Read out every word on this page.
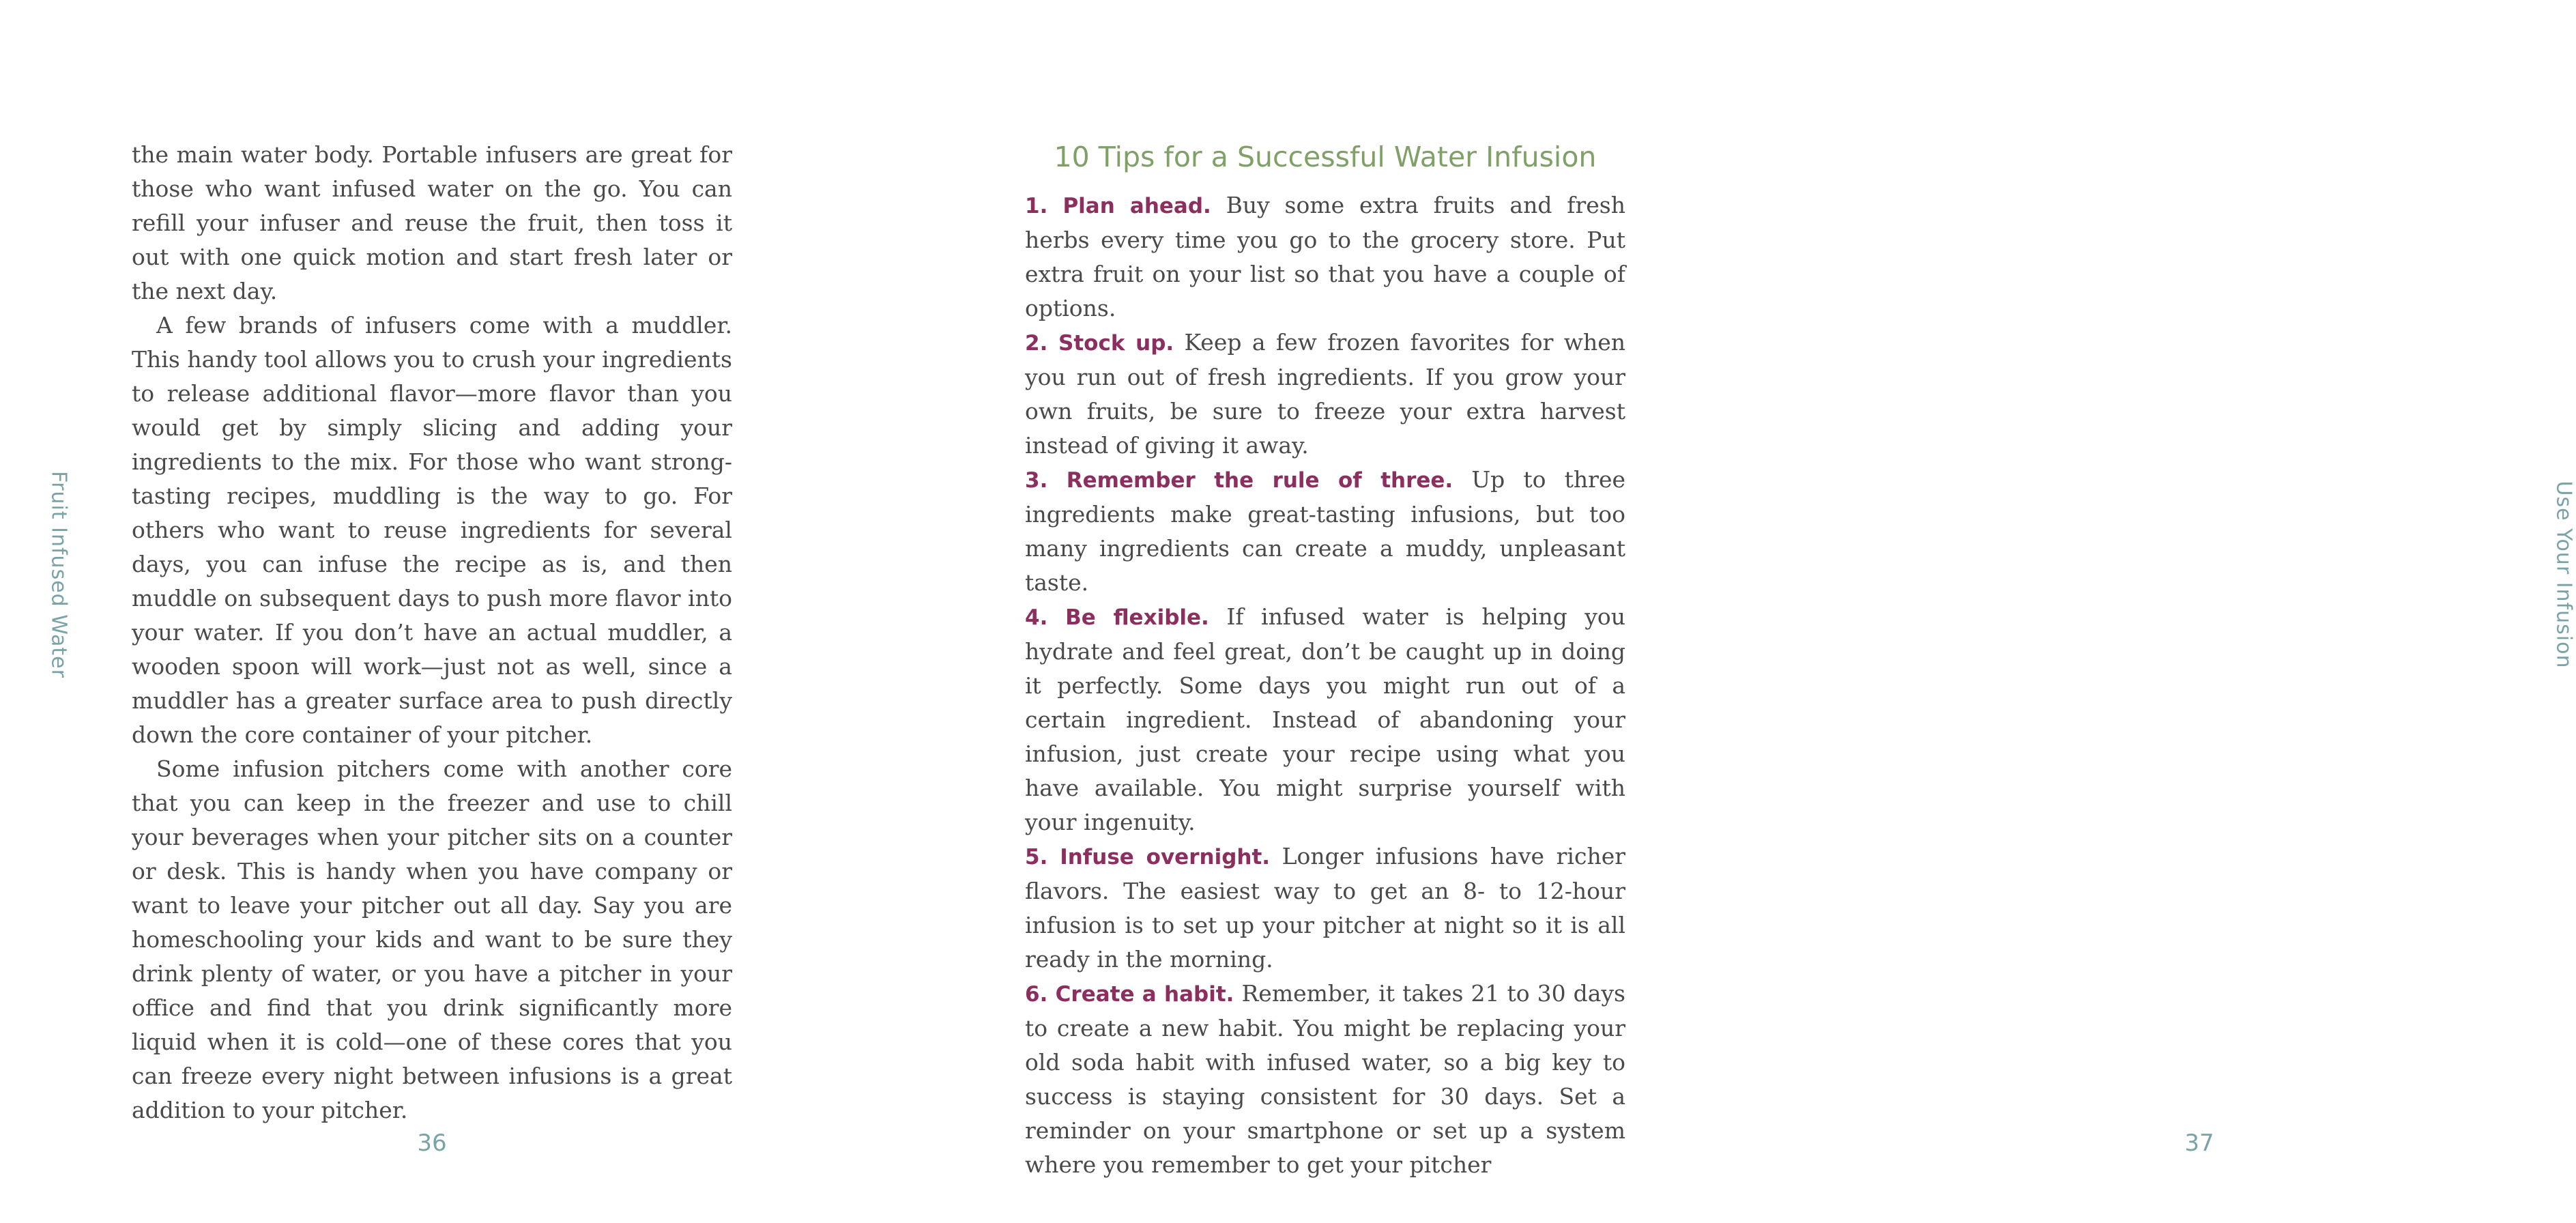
Fruit Infused Water

the main water body. Portable infusers are great for those who want infused water on the go. You can refill your infuser and reuse the fruit, then toss it out with one quick motion and start fresh later or the next day.

A few brands of infusers come with a muddler. This handy tool allows you to crush your ingredients to release additional flavor—more flavor than you would get by simply slicing and adding your ingredients to the mix. For those who want strong-tasting recipes, muddling is the way to go. For others who want to reuse ingredients for several days, you can infuse the recipe as is, and then muddle on subsequent days to push more flavor into your water. If you don’t have an actual muddler, a wooden spoon will work—just not as well, since a muddler has a greater surface area to push directly down the core container of your pitcher.

Some infusion pitchers come with another core that you can keep in the freezer and use to chill your beverages when your pitcher sits on a counter or desk. This is handy when you have company or want to leave your pitcher out all day. Say you are homeschooling your kids and want to be sure they drink plenty of water, or you have a pitcher in your office and find that you drink significantly more liquid when it is cold—one of these cores that you can freeze every night between infusions is a great addition to your pitcher.

36
Use Your Infusion
10 Tips for a Successful Water Infusion

1. Plan ahead. Buy some extra fruits and fresh herbs every time you go to the grocery store. Put extra fruit on your list so that you have a couple of options.

2. Stock up. Keep a few frozen favorites for when you run out of fresh ingredients. If you grow your own fruits, be sure to freeze your extra harvest instead of giving it away.

3. Remember the rule of three. Up to three ingredients make great-tasting infusions, but too many ingredients can create a muddy, unpleasant taste.

4. Be flexible. If infused water is helping you hydrate and feel great, don’t be caught up in doing it perfectly. Some days you might run out of a certain ingredient. Instead of abandoning your infusion, just create your recipe using what you have available. You might surprise yourself with your ingenuity.

5. Infuse overnight. Longer infusions have richer flavors. The easiest way to get an 8- to 12-hour infusion is to set up your pitcher at night so it is all ready in the morning.

6. Create a habit. Remember, it takes 21 to 30 days to create a new habit. You might be replacing your old soda habit with infused water, so a big key to success is staying consistent for 30 days. Set a reminder on your smartphone or set up a system where you remember to get your pitcher

37
